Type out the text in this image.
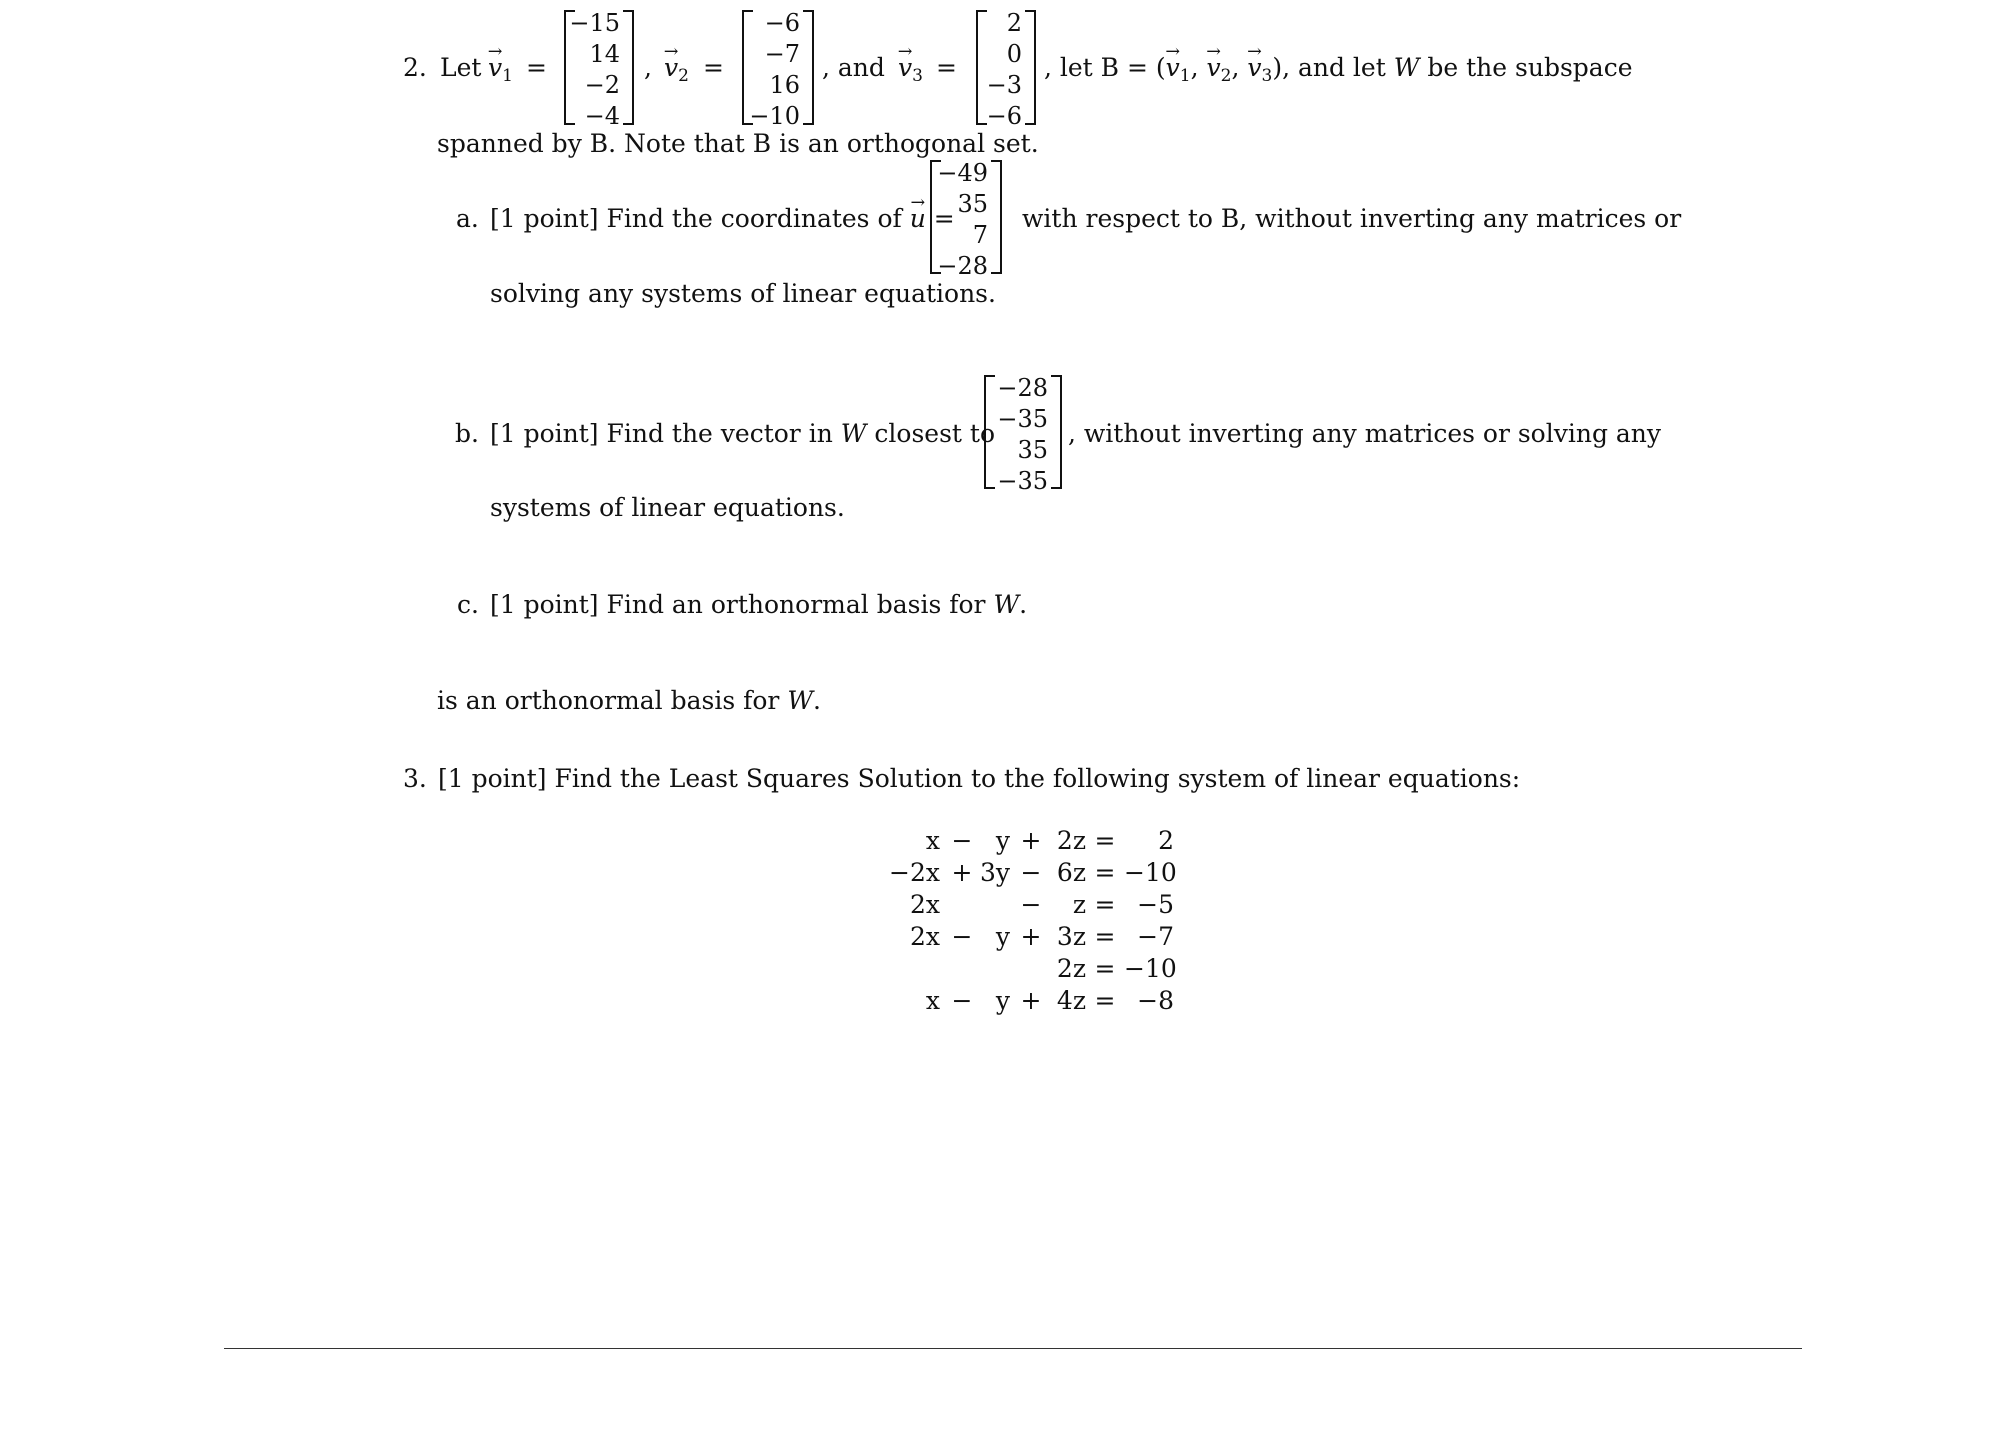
2. Let → $v_1$ =
−15
14
−2
−4
, → $v_2$ =
−6
−7
16
−10
, and → $v_3$ =
2
0
−3
−6
, let B = (→ $v_1$, → $v_2$, → $v_3$), and let W be the subspace
spanned by B. Note that B is an orthogonal set.
a. [1 point] Find the coordinates of → u =
−49
35
7
−28
with respect to B, without inverting any matrices or
solving any systems of linear equations.
b. [1 point] Find the vector in W closest to
−28
−35
35
−35
, without inverting any matrices or solving any
systems of linear equations.
c. [1 point] Find an orthonormal basis for W.
is an orthonormal basis for W.
3. [1 point] Find the Least Squares Solution to the following system of linear equations:
x − y + 2z =	2
−2x + 3y − 6z = −10
2x	−	z = −5
2x − y + 3z = −7
2z = −10
x − y + 4z = −8
